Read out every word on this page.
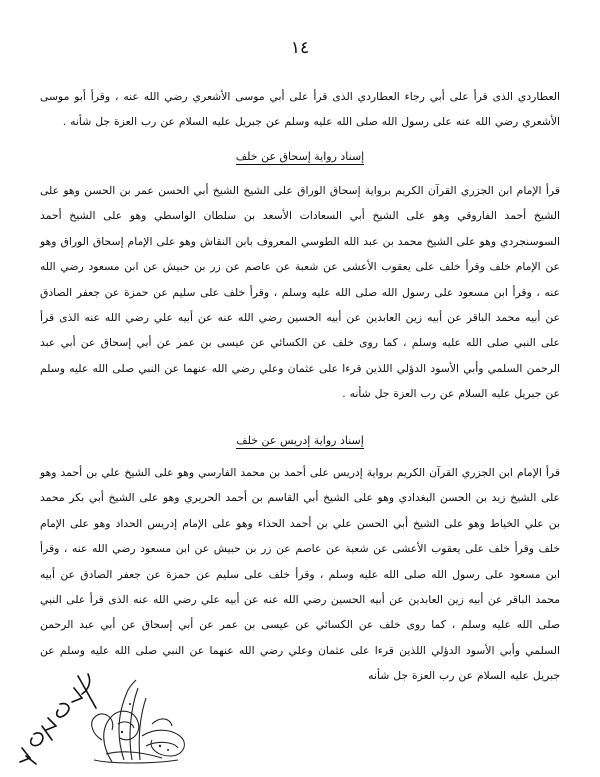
١٤

العطاردي الذى قرأ على أبي رجاء العطاردي الذى قرأ على أبي موسى الأشعري رضي الله عنه ، وقرأ أبو موسى الأشعري رضي الله عنه على رسول الله صلى الله عليه وسلم عن جبريل عليه السلام عن رب العزة جل شأنه .

إسناد رواية إسحاق عن خلف

قرأ الإمام ابن الجزري القرآن الكريم برواية إسحاق الوراق على الشيخ الشيخ أبي الحسن عمر بن الحسن وهو على الشيخ أحمد الفاروقي وهو على الشيخ أبي السعادات الأسعد بن سلطان الواسطي وهو على الشيخ أحمد السوسنجردي وهو على الشيخ محمد بن عبد الله الطوسي المعروف بابن النقاش وهو على الإمام إسحاق الوراق وهو عن الإمام خلف وقرأ خلف على يعقوب الأعشى عن شعبة عن عاصم عن زر بن حبيش عن ابن مسعود رضي الله عنه ، وقرأ ابن مسعود على رسول الله صلى الله عليه وسلم ، وقرأ خلف على سليم عن حمزة عن جعفر الصادق عن أبيه محمد الباقر عن أبيه زين العابدين عن أبيه الحسين رضي الله عنه عن أبيه علي رضي الله عنه الذى قرأ على النبي صلى الله عليه وسلم ، كما روى خلف عن الكسائي عن عيسى بن عمر عن أبي إسحاق عن أبي عبد الرحمن السلمي وأبي الأسود الدؤلي اللذين قرءا على عثمان وعلي رضي الله عنهما عن النبي صلى الله عليه وسلم عن جبريل عليه السلام عن رب العزة جل شأنه .

إسناد رواية إدريس عن خلف

قرأ الإمام ابن الجزري القرآن الكريم برواية إدريس على أحمد بن محمد الفارسي وهو على الشيخ علي بن أحمد وهو على الشيخ زيد بن الحسن البغدادي وهو على الشيخ أبي القاسم بن أحمد الحريري وهو على الشيخ أبي بكر محمد بن علي الخياط وهو على الشيخ أبي الحسن علي بن أحمد الحذاء وهو على الإمام إدريس الحداد وهو على الإمام خلف وقرأ خلف على يعقوب الأعشى عن شعبة عن عاصم عن زر بن حبيش عن ابن مسعود رضي الله عنه ، وقرأ ابن مسعود على رسول الله صلى الله عليه وسلم ، وقرأ خلف على سليم عن حمزة عن جعفر الصادق عن أبيه محمد الباقر عن أبيه زين العابدين عن أبيه الحسين رضي الله عنه عن أبيه علي رضي الله عنه الذى قرأ على النبي صلى الله عليه وسلم ، كما روى خلف عن الكسائي عن عيسى بن عمر عن أبي إسحاق عن أبي عبد الرحمن السلمي وأبي الأسود الدؤلي اللذين قرءا على عثمان وعلي رضي الله عنهما عن النبي صلى الله عليه وسلم عن جبريل عليه السلام عن رب العزة جل شأنه
